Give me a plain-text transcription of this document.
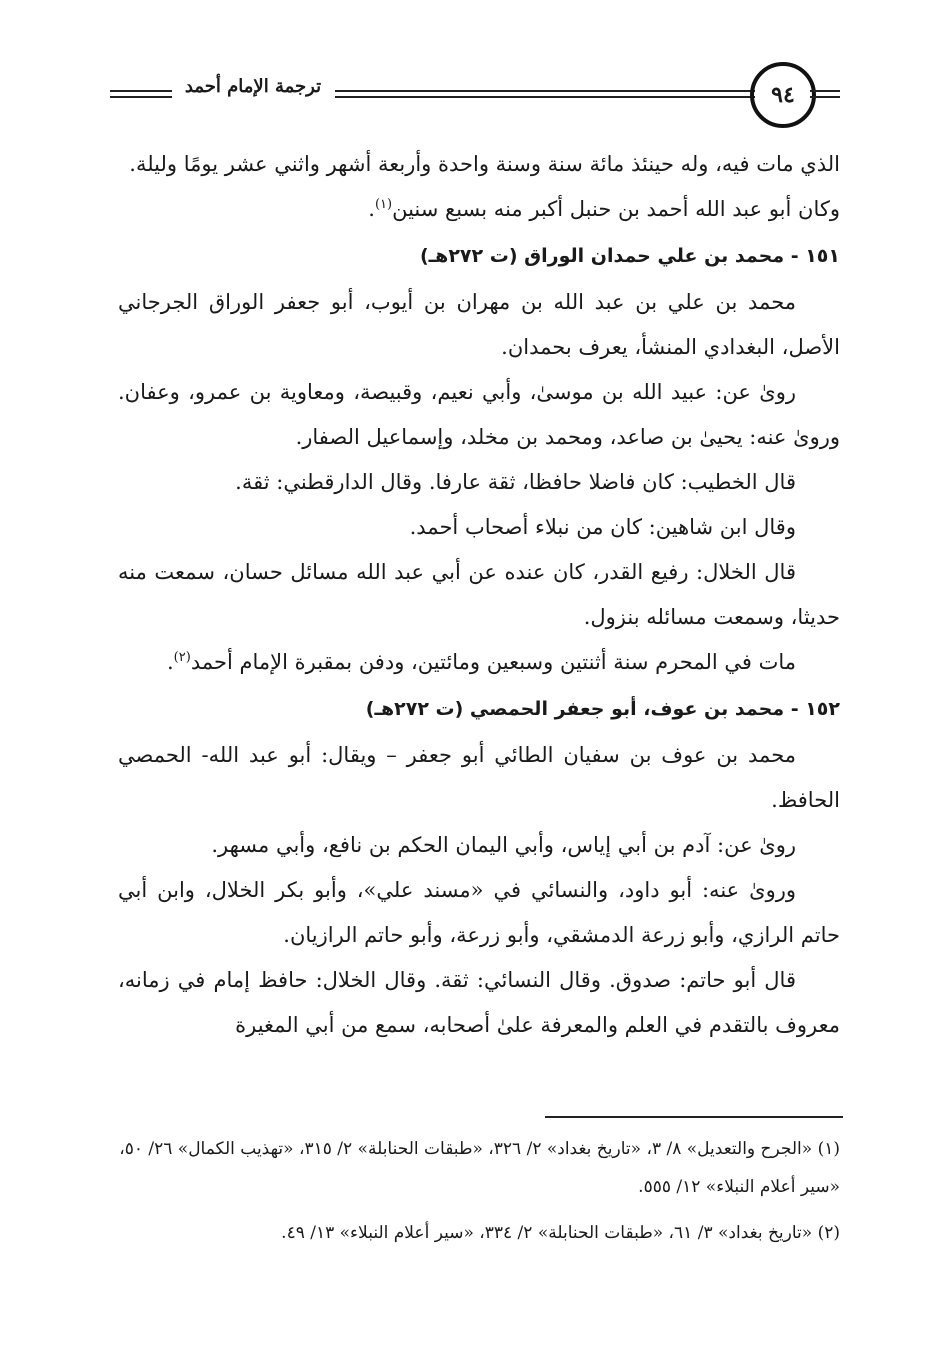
ترجمة الإمام أحمد	٩٤

الذي مات فيه، وله حينئذ مائة سنة وسنة واحدة وأربعة أشهر واثني عشر يومًا وليلة.

وكان أبو عبد الله أحمد بن حنبل أكبر منه بسبع سنين$^{(١)}$.

١٥١ - محمد بن علي حمدان الوراق (ت ٢٧٢هـ)

محمد بن علي بن عبد الله بن مهران بن أيوب، أبو جعفر الوراق الجرجاني الأصل، البغدادي المنشأ، يعرف بحمدان.

روىٰ عن: عبيد الله بن موسىٰ، وأبي نعيم، وقبيصة، ومعاوية بن عمرو، وعفان. وروىٰ عنه: يحيىٰ بن صاعد، ومحمد بن مخلد، وإسماعيل الصفار.

قال الخطيب: كان فاضلا حافظا، ثقة عارفا. وقال الدارقطني: ثقة.

وقال ابن شاهين: كان من نبلاء أصحاب أحمد.

قال الخلال: رفيع القدر، كان عنده عن أبي عبد الله مسائل حسان، سمعت منه حديثا، وسمعت مسائله بنزول.

مات في المحرم سنة أثنتين وسبعين ومائتين، ودفن بمقبرة الإمام أحمد$^{(٢)}$.

١٥٢ - محمد بن عوف، أبو جعفر الحمصي (ت ٢٧٢هـ)

محمد بن عوف بن سفيان الطائي أبو جعفر – ويقال: أبو عبد الله- الحمصي الحافظ.

روىٰ عن: آدم بن أبي إياس، وأبي اليمان الحكم بن نافع، وأبي مسهر.

وروىٰ عنه: أبو داود، والنسائي في «مسند علي»، وأبو بكر الخلال، وابن أبي حاتم الرازي، وأبو زرعة الدمشقي، وأبو زرعة، وأبو حاتم الرازيان.

قال أبو حاتم: صدوق. وقال النسائي: ثقة. وقال الخلال: حافظ إمام في زمانه، معروف بالتقدم في العلم والمعرفة علىٰ أصحابه، سمع من أبي المغيرة

(١) «الجرح والتعديل» ٨/ ٣، «تاريخ بغداد» ٢/ ٣٢٦، «طبقات الحنابلة» ٢/ ٣١٥، «تهذيب الكمال» ٢٦/ ٥٠، «سير أعلام النبلاء» ١٢/ ٥٥٥.

(٢) «تاريخ بغداد» ٣/ ٦١، «طبقات الحنابلة» ٢/ ٣٣٤، «سير أعلام النبلاء» ١٣/ ٤٩.
